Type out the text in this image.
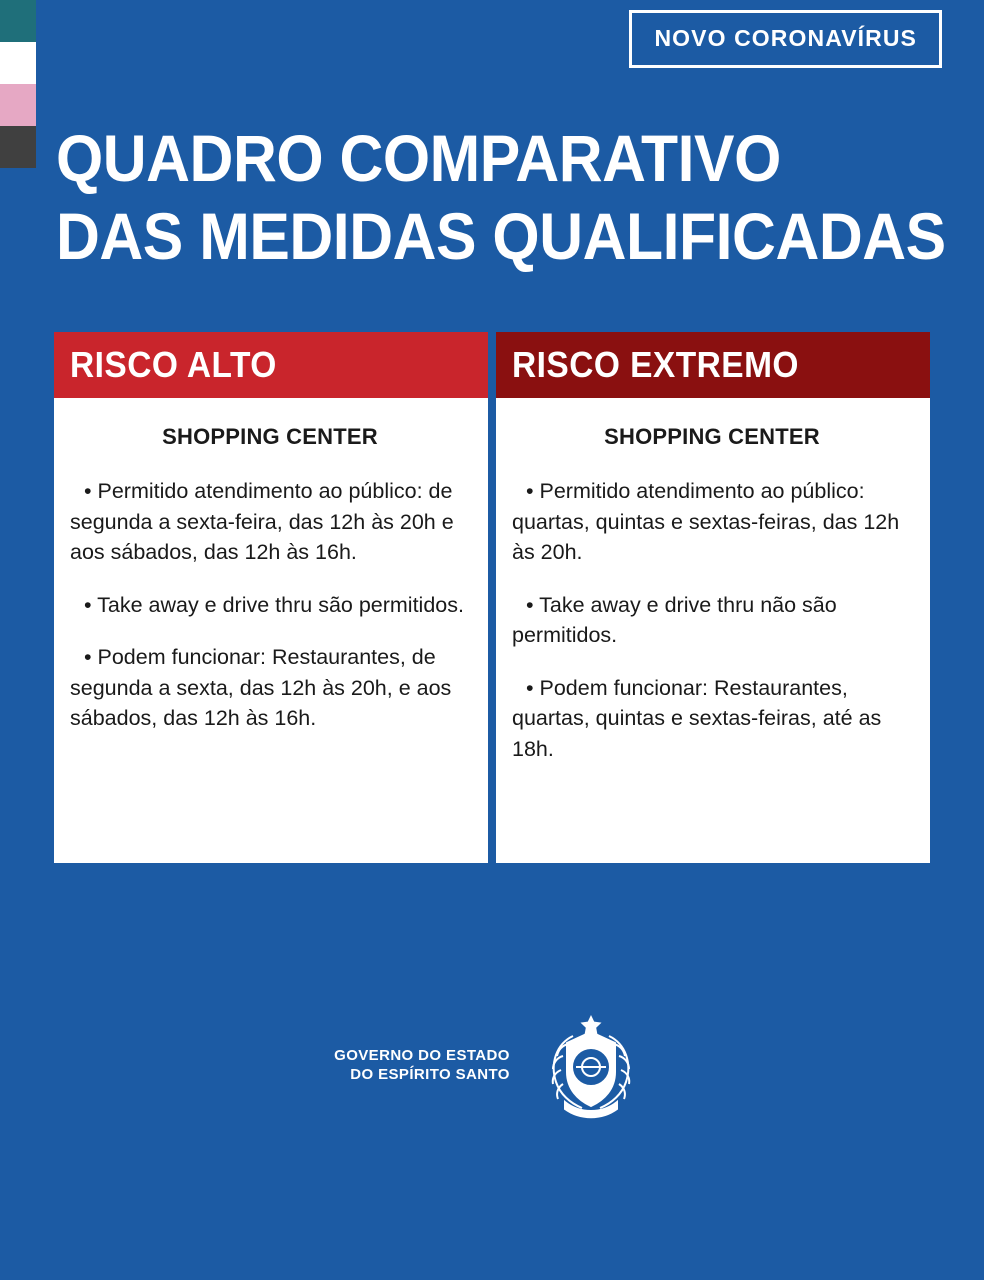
NOVO CORONAVÍRUS
QUADRO COMPARATIVO
DAS MEDIDAS QUALIFICADAS
RISCO ALTO
SHOPPING CENTER

• Permitido atendimento ao público: de segunda a sexta-feira, das 12h às 20h e aos sábados, das 12h às 16h.

• Take away e drive thru são permitidos.

• Podem funcionar: Restaurantes, de segunda a sexta, das 12h às 20h, e aos sábados, das 12h às 16h.

RISCO EXTREMO
SHOPPING CENTER

• Permitido atendimento ao público: quartas, quintas e sextas-feiras, das 12h às 20h.

• Take away e drive thru não são permitidos.

• Podem funcionar: Restaurantes, quartas, quintas e sextas-feiras, até as 18h.

GOVERNO DO ESTADO
DO ESPÍRITO SANTO
